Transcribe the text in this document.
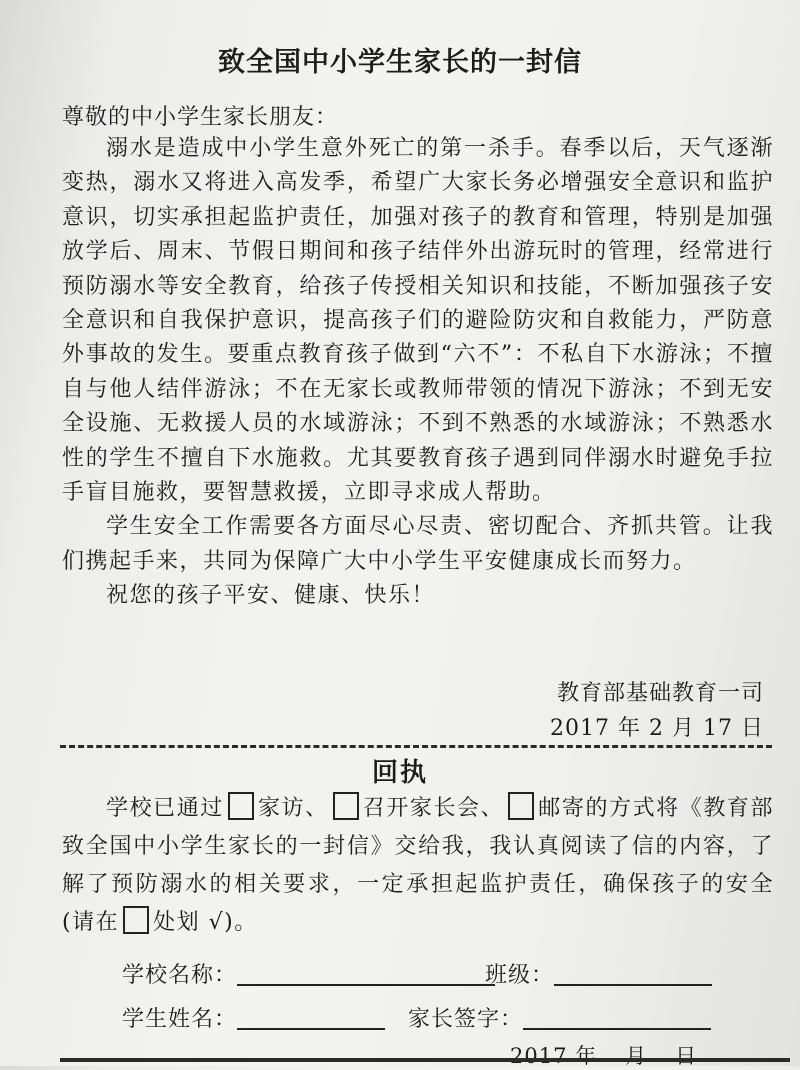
致全国中小学生家长的一封信
尊敬的中小学生家长朋友：

溺水是造成中小学生意外死亡的第一杀手。春季以后，天气逐渐变热，溺水又将进入高发季，希望广大家长务必增强安全意识和监护意识，切实承担起监护责任，加强对孩子的教育和管理，特别是加强放学后、周末、节假日期间和孩子结伴外出游玩时的管理，经常进行预防溺水等安全教育，给孩子传授相关知识和技能，不断加强孩子安全意识和自我保护意识，提高孩子们的避险防灾和自救能力，严防意外事故的发生。要重点教育孩子做到“六不”：不私自下水游泳；不擅自与他人结伴游泳；不在无家长或教师带领的情况下游泳；不到无安全设施、无救援人员的水域游泳；不到不熟悉的水域游泳；不熟悉水性的学生不擅自下水施救。尤其要教育孩子遇到同伴溺水时避免手拉手盲目施救，要智慧救援，立即寻求成人帮助。

学生安全工作需要各方面尽心尽责、密切配合、齐抓共管。让我们携起手来，共同为保障广大中小学生平安健康成长而努力。

祝您的孩子平安、健康、快乐！

教育部基础教育一司
2017 年 2 月 17 日
回执

学校已通过 家访、 召开家长会、 邮寄的方式将《教育部致全国中小学生家长的一封信》交给我，我认真阅读了信的内容，了解了预防溺水的相关要求，一定承担起监护责任，确保孩子的安全(请在 处划 √)。

学校名称：	班级：
学生姓名：	家长签字：
2017 年 月 日
